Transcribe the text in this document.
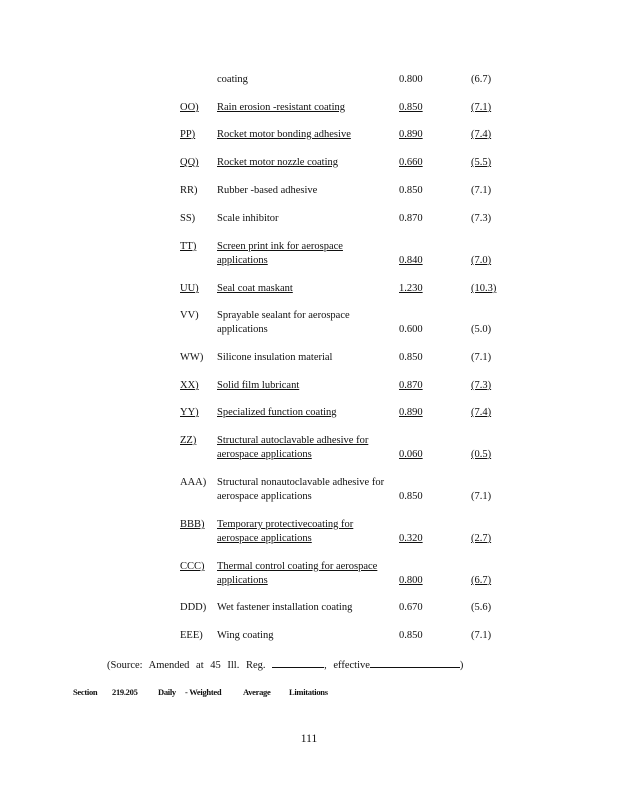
coating	0.800	(6.7)
OO) Rain erosion -resistant coating	0.850	(7.1)
PP) Rocket motor bonding adhesive	0.890	(7.4)
QQ) Rocket motor nozzle coating	0.660	(5.5)
RR) Rubber -based adhesive	0.850	(7.1)
SS) Scale inhibitor	0.870	(7.3)
TT) Screen print ink for aerospace applications	0.840	(7.0)
UU) Seal coat maskant	1.230	(10.3)
VV) Sprayable sealant for aerospace applications	0.600	(5.0)
WW) Silicone insulation material	0.850	(7.1)
XX) Solid film lubricant	0.870	(7.3)
YY) Specialized function coating	0.890	(7.4)
ZZ) Structural autoclavable adhesive for aerospace applications	0.060	(0.5)
AAA) Structural nonautoclavable adhesive for aerospace applications	0.850	(7.1)
BBB) Temporary protectivecoating for aerospace applications	0.320	(2.7)
CCC) Thermal control coating for aerospace applications	0.800	(6.7)
DDD) Wet fastener installation coating	0.670	(5.6)
EEE) Wing coating	0.850	(7.1)
(Source: Amended at 45 Ill. Reg.	, effective	)
Section 219.205 Daily - Weighted	Average Limitations
111
